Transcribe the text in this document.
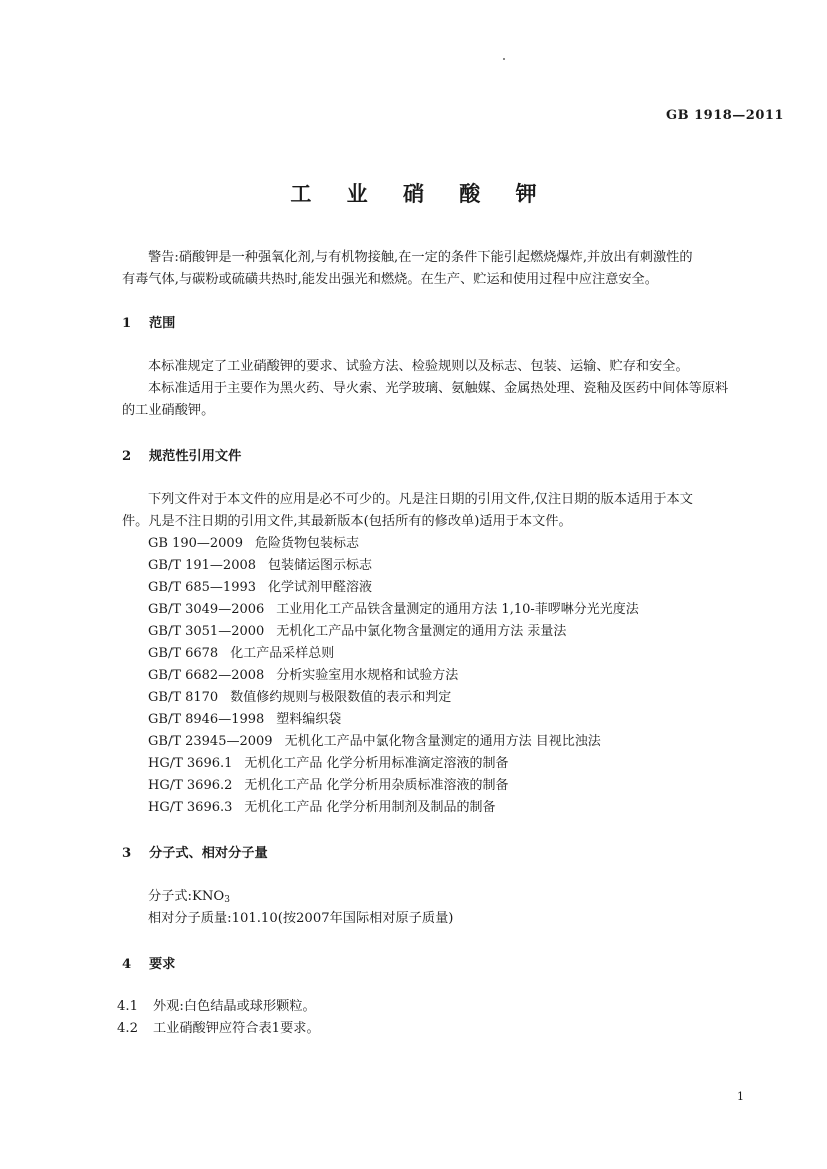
GB 1918—2011
工 业 硝 酸 钾
警告:硝酸钾是一种强氧化剂,与有机物接触,在一定的条件下能引起燃烧爆炸,并放出有刺激性的
有毒气体,与碳粉或硫磺共热时,能发出强光和燃烧。在生产、贮运和使用过程中应注意安全。
1 范围
本标准规定了工业硝酸钾的要求、试验方法、检验规则以及标志、包装、运输、贮存和安全。
本标准适用于主要作为黑火药、导火索、光学玻璃、氨触媒、金属热处理、瓷釉及医药中间体等原料
的工业硝酸钾。
2 规范性引用文件
下列文件对于本文件的应用是必不可少的。凡是注日期的引用文件,仅注日期的版本适用于本文
件。凡是不注日期的引用文件,其最新版本(包括所有的修改单)适用于本文件。
GB 190—2009 危险货物包装标志
GB/T 191—2008 包装储运图示标志
GB/T 685—1993 化学试剂甲醛溶液
GB/T 3049—2006 工业用化工产品铁含量测定的通用方法 1,10-菲啰啉分光光度法
GB/T 3051—2000 无机化工产品中氯化物含量测定的通用方法 汞量法
GB/T 6678 化工产品采样总则
GB/T 6682—2008 分析实验室用水规格和试验方法
GB/T 8170 数值修约规则与极限数值的表示和判定
GB/T 8946—1998 塑料编织袋
GB/T 23945—2009 无机化工产品中氯化物含量测定的通用方法 目视比浊法
HG/T 3696.1 无机化工产品 化学分析用标准滴定溶液的制备
HG/T 3696.2 无机化工产品 化学分析用杂质标准溶液的制备
HG/T 3696.3 无机化工产品 化学分析用制剂及制品的制备
3 分子式、相对分子量
分子式$:KNO_3$
相对分子质量:101.10(按2007年国际相对原子质量)
4 要求
4.1 外观:白色结晶或球形颗粒。
4.2 工业硝酸钾应符合表1要求。
1
